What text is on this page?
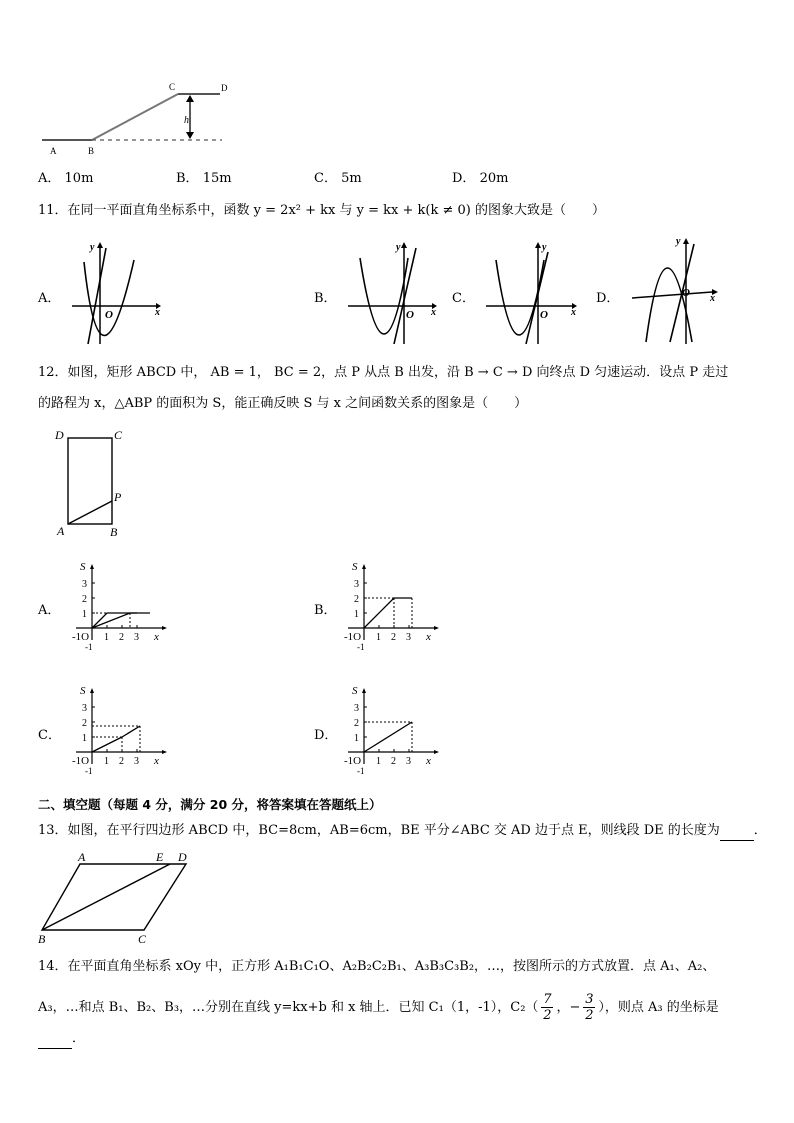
C	D
h
A	B
A． 10m	B． 15m	C． 5m	D． 20m
11．在同一平面直角坐标系中，函数 y = 2x² + kx 与 y = kx + k(k ≠ 0) 的图象大致是（　　）
A．
y
x
O
B．
y
x
O
C．
y
x
O
D．
y
x
O
12．如图，矩形 ABCD 中， AB = 1， BC = 2，点 P 从点 B 出发，沿 B → C → D 向终点 D 匀速运动．设点 P 走过
的路程为 x，△ABP 的面积为 S，能正确反映 S 与 x 之间函数关系的图象是（　　）
D	C
P
A	B
A．
S
3
2
1
-1O
-1
1 2 3 x
B．
S
3
2
1
-1O
-1
1 2 3 x
C．
S
3
2
1
-1O
-1
1 2 3 x
D．
S
3
2
1
-1O
-1
1 2 3 x
二、填空题（每题 4 分，满分 20 分，将答案填在答题纸上）
13．如图，在平行四边形 ABCD 中，BC=8cm，AB=6cm，BE 平分∠ABC 交 AD 边于点 E，则线段 DE 的长度为	．
A	E D
B	C
14．在平面直角坐标系 xOy 中，正方形 A₁B₁C₁O、A₂B₂C₂B₁、A₃B₃C₃B₂，…，按图所示的方式放置．点 A₁、A₂、
A₃，…和点 B₁、B₂、B₃，…分别在直线 y=kx+b 和 x 轴上．已知 C₁（1，-1），C₂（ 7
2
， − 3
2
），则点 A₃ 的坐标是
．
